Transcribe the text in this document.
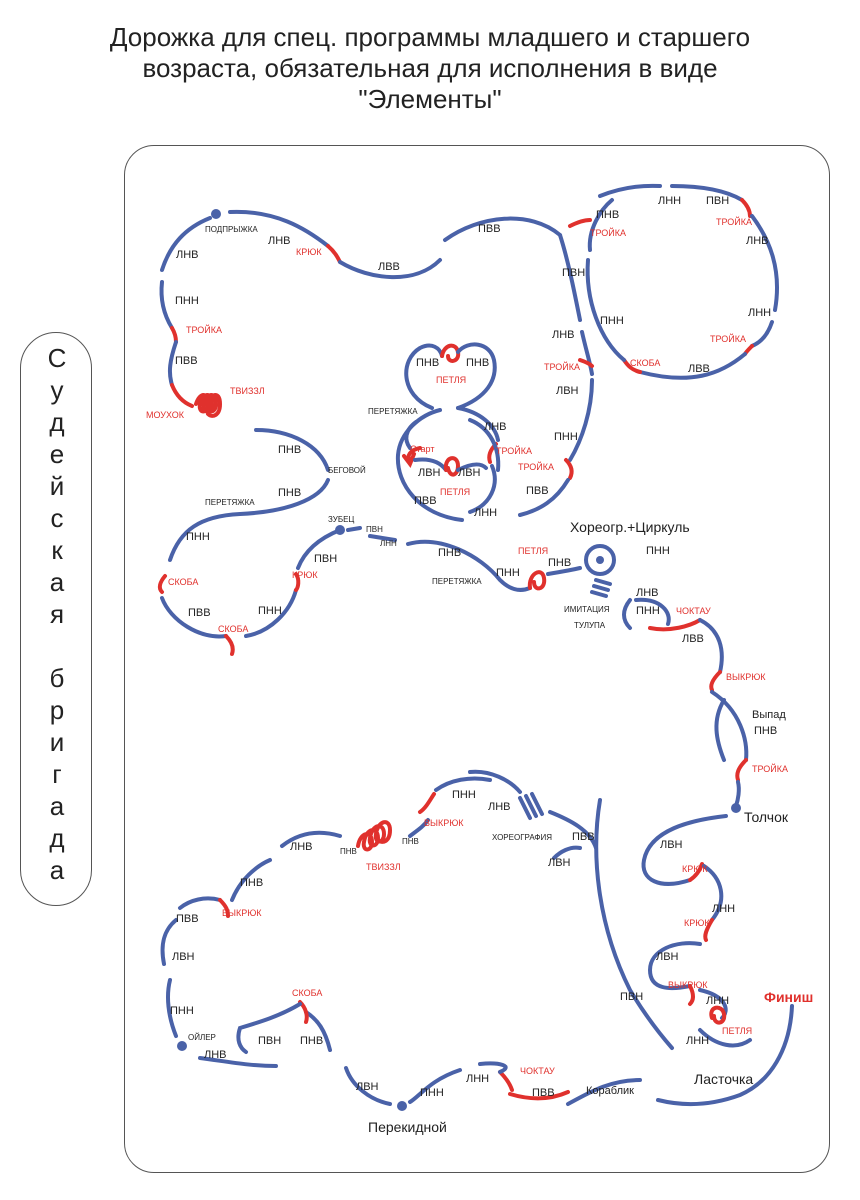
Дорожка для спец. программы младшего и старшего
возраста, обязательная для исполнения в виде
"Элементы"
С
у
д
е
й
с
к
а
я
б
р
и
г
а
д
а
ПОДПРЫЖКА
ЛНВ
КРЮК
ЛВВ
ПВВ
ЛНВ
ПНН
ТРОЙКА
ПВВ
МОУХОК
ТВИЗЗЛ
ПНВ
БЕГОВОЙ
ПЕРЕТЯЖКА
ПНВ
ПНН
СКОБА
ПВВ
СКОБА
ПНН
КРЮК
ПВН
ЗУБЕЦ
ПВН
ЛНН
ПНВ
ПНВ
ПЕТЛЯ
ПЕРЕТЯЖКА
ПНН
ПНВ
ПЕТЛЯ
ПНВ
ПЕРЕТЯЖКА
ЛНВ
ТРОЙКА
Старт
ЛВН ЛВН
ПЕТЛЯ
ПВВ
ЛНН
ПНВ
ЛНН ПВН
ТРОЙКА
ТРОЙКА
ЛНВ
ПВН
ПНН
ЛНН
ТРОЙКА
ЛНВ
ТРОЙКА	СКОБА	ЛВВ
ЛВН
ПНН
ТРОЙКА
ПВВ
Хореогр.+Циркуль
ПНН
ИМИТАЦИЯ
ТУЛУПА
ЛНВ
ПНН ЧОКТАУ
ЛВВ
ВЫКРЮК
Выпад
ПНВ
ТРОЙКА
Толчок
ЛВН
КРЮК
ЛНН
КРЮК
ЛВН
ВЫКРЮК
ЛНН
ПЕТЛЯ
ЛНН
Финиш
ПВН
Ласточка
ПНН
ЛНВ
ВЫКРЮК
ПНВ
ТВИЗЗЛ
ПНВ
ЛНВ
ХОРЕОГРАФИЯ ПВВ
ЛВН
ПНВ
ПВВ	ВЫКРЮК
ЛВН
ПНН
ОЙЛЕР
ЛНВ
ПВН
СКОБА
ПНВ
ЛВН
Перекидной
ПНН
ЛНН
ЧОКТАУ
ПВВ	Кораблик
